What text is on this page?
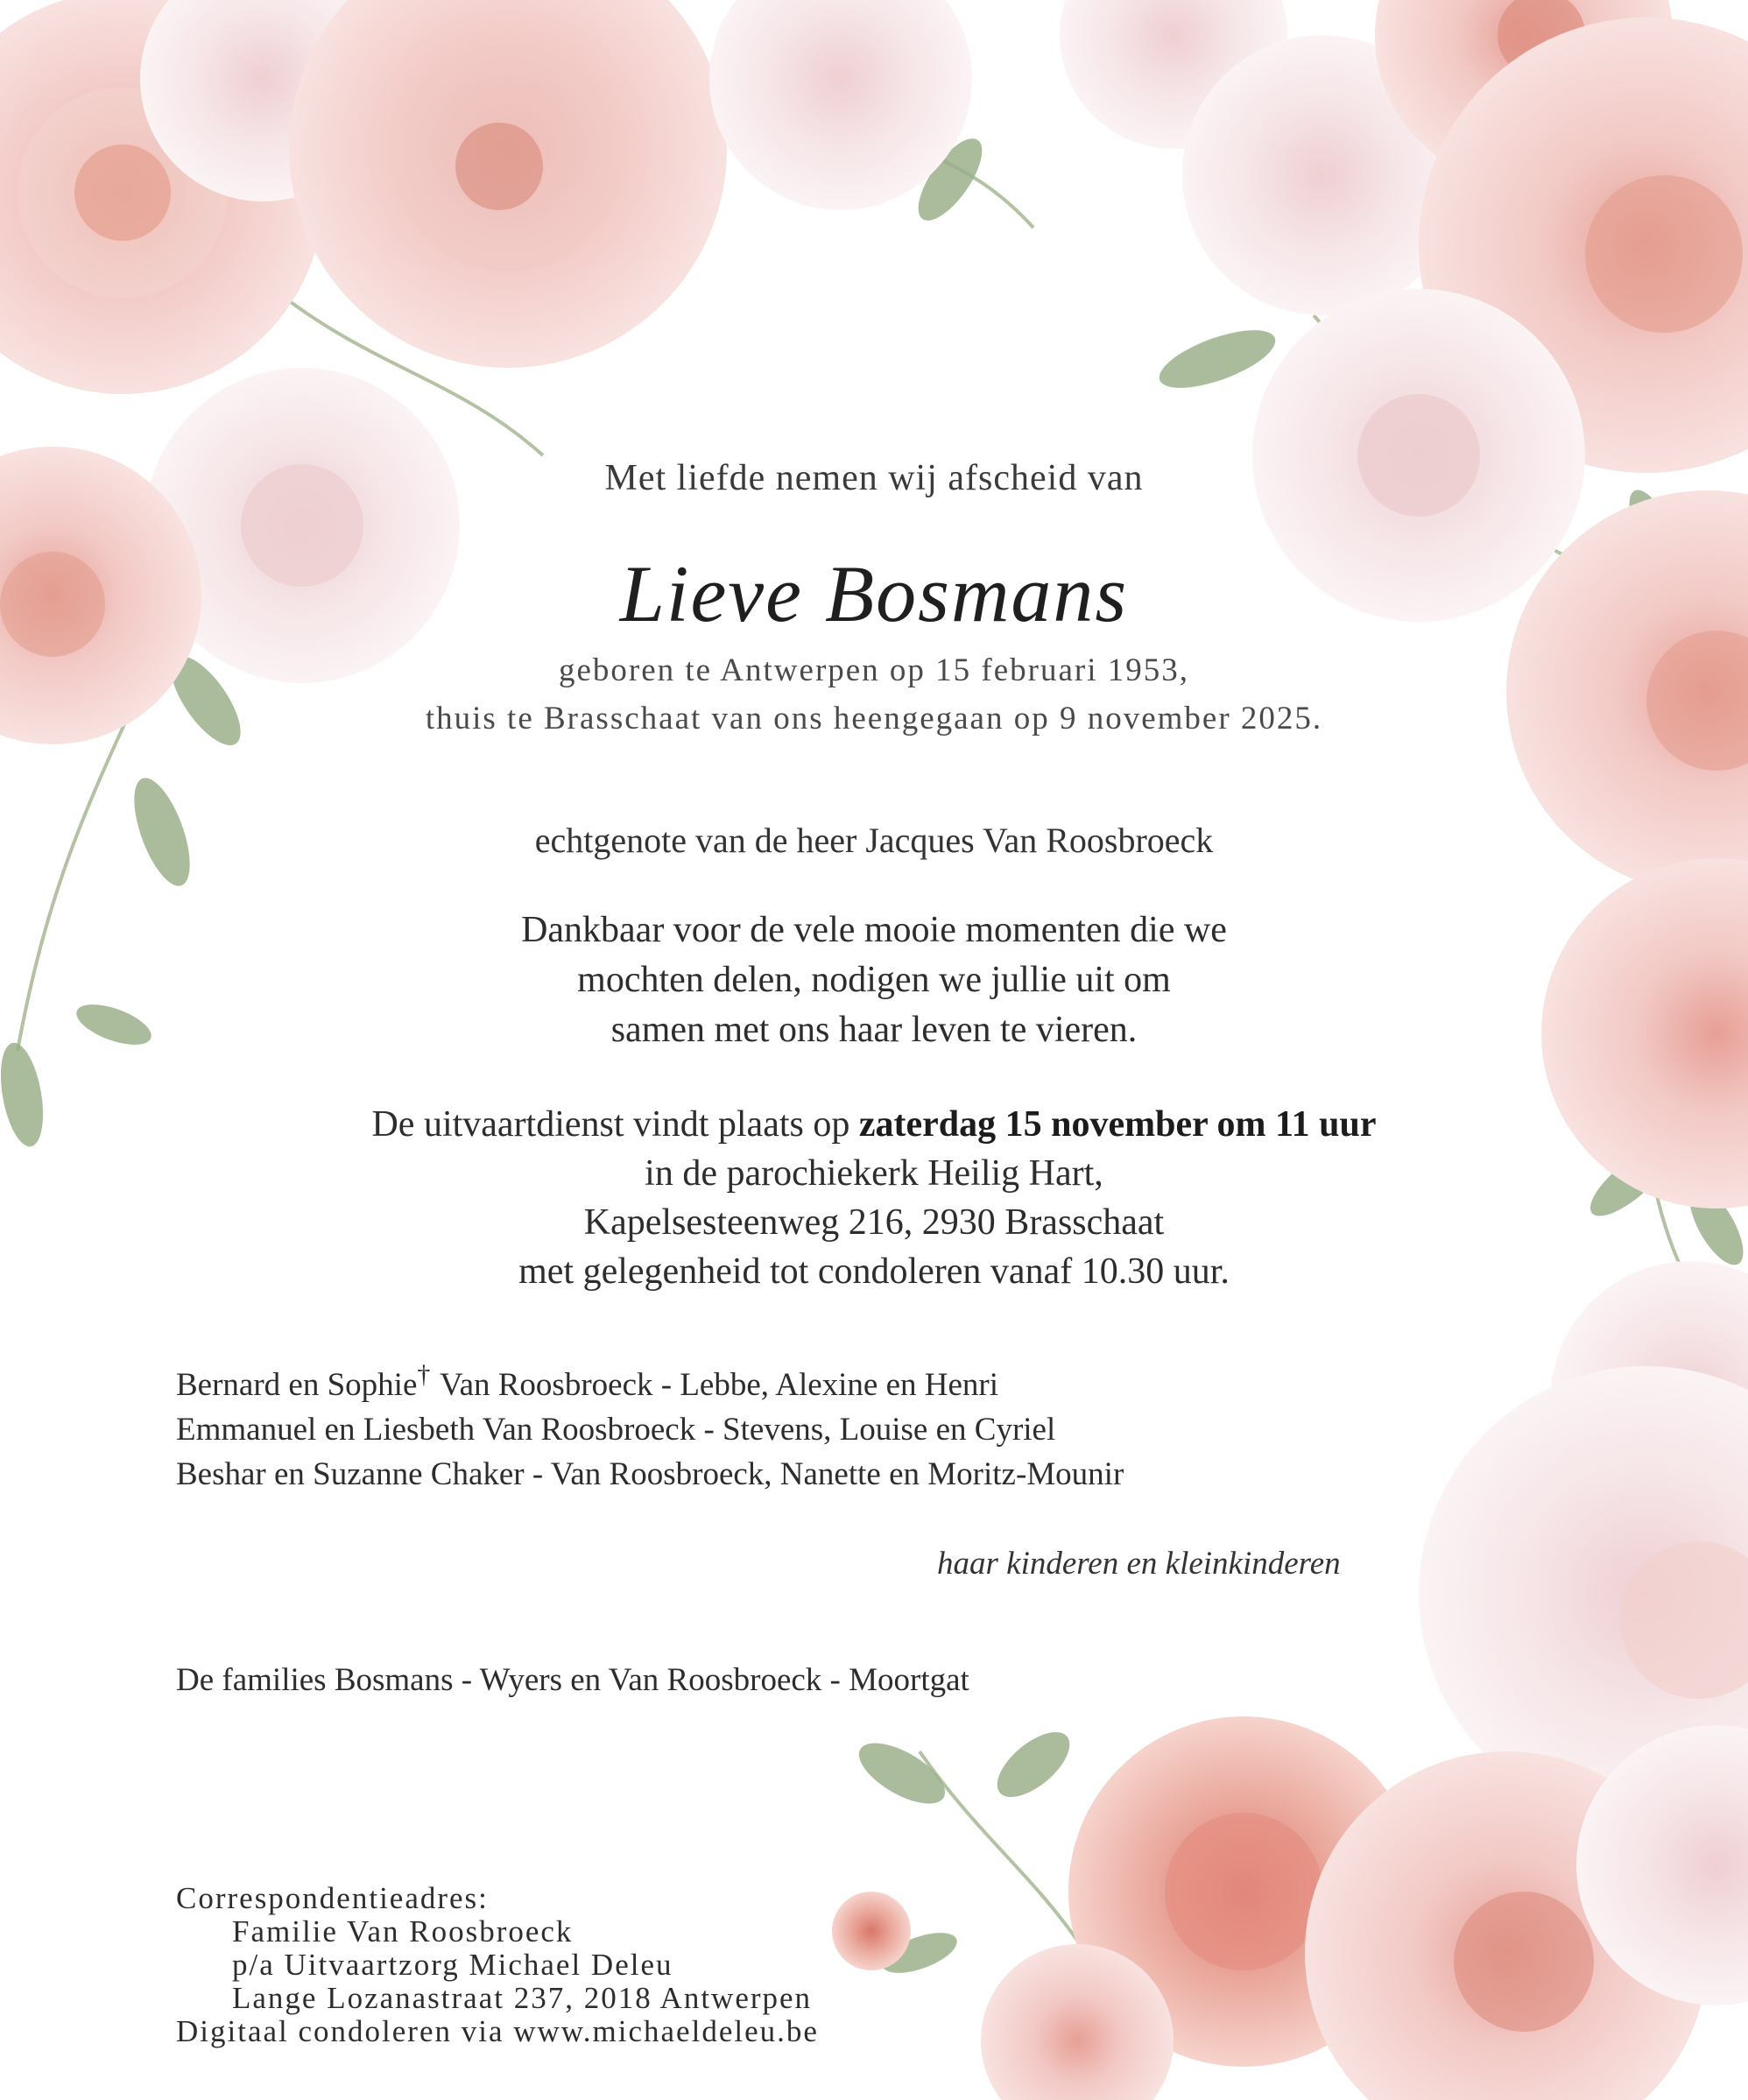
Met liefde nemen wij afscheid van
Lieve Bosmans
geboren te Antwerpen op 15 februari 1953,
thuis te Brasschaat van ons heengegaan op 9 november 2025.
echtgenote van de heer Jacques Van Roosbroeck
Dankbaar voor de vele mooie momenten die we
mochten delen, nodigen we jullie uit om
samen met ons haar leven te vieren.
De uitvaartdienst vindt plaats op zaterdag 15 november om 11 uur
in de parochiekerk Heilig Hart,
Kapelsesteenweg 216, 2930 Brasschaat
met gelegenheid tot condoleren vanaf 10.30 uur.
Bernard en Sophie† Van Roosbroeck - Lebbe, Alexine en Henri
Emmanuel en Liesbeth Van Roosbroeck - Stevens, Louise en Cyriel
Beshar en Suzanne Chaker - Van Roosbroeck, Nanette en Moritz-Mounir
haar kinderen en kleinkinderen
De families Bosmans - Wyers en Van Roosbroeck - Moortgat
Correspondentieadres:
Familie Van Roosbroeck
p/a Uitvaartzorg Michael Deleu
Lange Lozanastraat 237, 2018 Antwerpen
Digitaal condoleren via www.michaeldeleu.be
